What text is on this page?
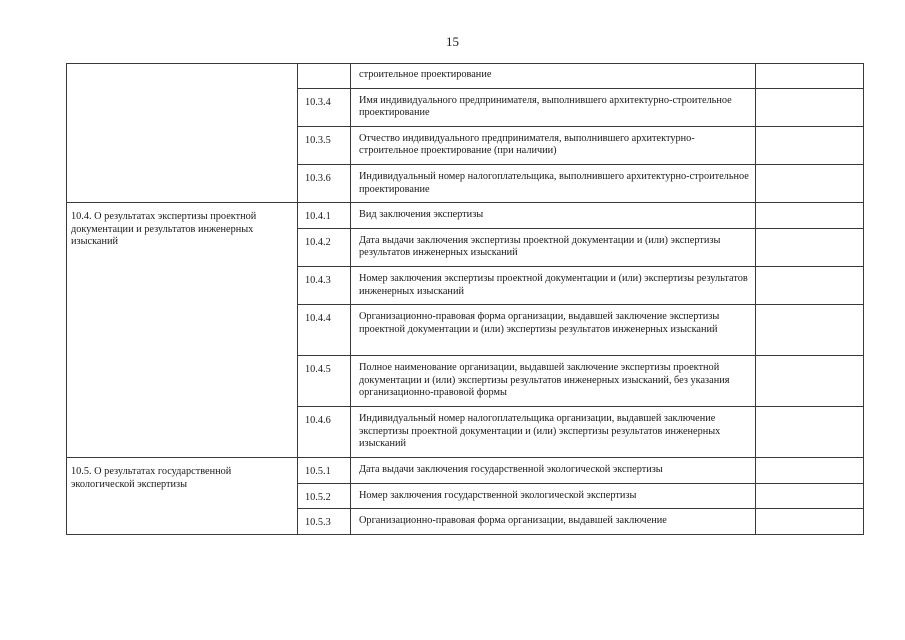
15

		строительное проектирование	

	10.3.4	Имя индивидуального предпринимателя, выполнившего архитектурно-строительное проектирование	

	10.3.5	Отчество индивидуального предпринимателя, выполнившего архитектурно-строительное проектирование (при наличии)	

	10.3.6	Индивидуальный номер налогоплательщика, выполнившего архитектурно-строительное проектирование	

10.4. О результатах экспертизы проектной документации и результатов инженерных изысканий	10.4.1	Вид заключения экспертизы	

	10.4.2	Дата выдачи заключения экспертизы проектной документации и (или) экспертизы результатов инженерных изысканий	

	10.4.3	Номер заключения экспертизы проектной документации и (или) экспертизы результатов инженерных изысканий	

	10.4.4	Организационно-правовая форма организации, выдавшей заключение экспертизы проектной документации и (или) экспертизы результатов инженерных изысканий	

	10.4.5	Полное наименование организации, выдавшей заключение экспертизы проектной документации и (или) экспертизы результатов инженерных изысканий, без указания организационно-правовой формы	

	10.4.6	Индивидуальный номер налогоплательщика организации, выдавшей заключение экспертизы проектной документации и (или) экспертизы результатов инженерных изысканий	

10.5. О результатах государственной экологической экспертизы	10.5.1	Дата выдачи заключения государственной экологической экспертизы	

	10.5.2	Номер заключения государственной экологической экспертизы	

	10.5.3	Организационно-правовая форма организации, выдавшей заключение	
